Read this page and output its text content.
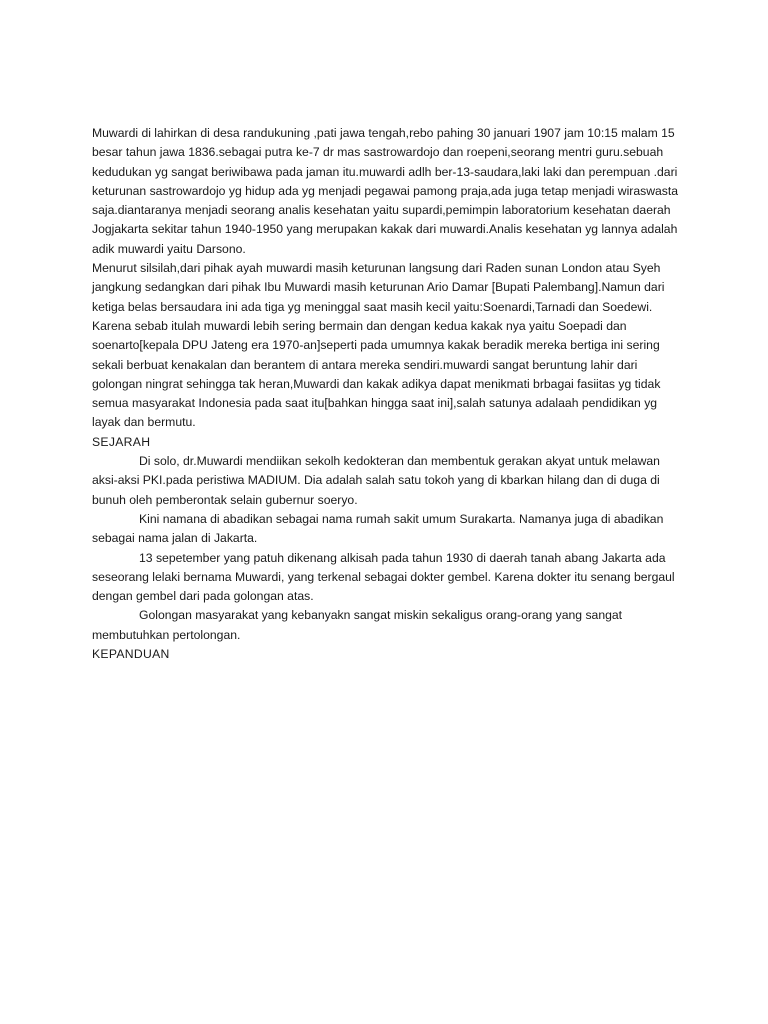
Muwardi di lahirkan di desa randukuning ,pati jawa tengah,rebo pahing 30 januari 1907 jam 10:15 malam 15 besar tahun jawa 1836.sebagai putra ke-7 dr mas sastrowardojo dan roepeni,seorang mentri guru.sebuah kedudukan yg sangat beriwibawa pada jaman itu.muwardi adlh ber-13-saudara,laki laki dan perempuan .dari keturunan sastrowardojo yg hidup ada yg menjadi pegawai pamong praja,ada juga tetap menjadi wiraswasta saja.diantaranya menjadi seorang analis kesehatan yaitu supardi,pemimpin laboratorium kesehatan daerah Jogjakarta sekitar tahun 1940-1950 yang merupakan kakak dari muwardi.Analis kesehatan yg lannya adalah adik muwardi yaitu Darsono.

Menurut silsilah,dari pihak ayah muwardi masih keturunan langsung dari Raden sunan London atau Syeh jangkung sedangkan dari pihak Ibu Muwardi masih keturunan Ario Damar [Bupati Palembang].Namun dari ketiga belas bersaudara ini ada tiga yg meninggal saat masih kecil yaitu:Soenardi,Tarnadi dan Soedewi. Karena sebab itulah muwardi lebih sering bermain dan dengan kedua kakak nya yaitu Soepadi dan soenarto[kepala DPU Jateng era 1970-an]seperti pada umumnya kakak beradik mereka bertiga ini sering sekali berbuat kenakalan dan berantem di antara mereka sendiri.muwardi sangat beruntung lahir dari golongan ningrat sehingga tak heran,Muwardi dan kakak adikya dapat menikmati brbagai fasiitas yg tidak semua masyarakat Indonesia pada saat itu[bahkan hingga saat ini],salah satunya adalaah pendidikan yg layak dan bermutu.

SEJARAH

Di solo, dr.Muwardi mendiikan sekolh kedokteran dan membentuk gerakan akyat untuk melawan aksi-aksi PKI.pada peristiwa MADIUM. Dia adalah salah satu tokoh yang di kbarkan hilang dan di duga di bunuh oleh pemberontak selain gubernur soeryo.

Kini namana di abadikan sebagai nama rumah sakit umum Surakarta. Namanya juga di abadikan sebagai nama jalan di Jakarta.

13 sepetember yang patuh dikenang alkisah pada tahun 1930 di daerah tanah abang Jakarta ada seseorang lelaki bernama Muwardi, yang terkenal sebagai dokter gembel. Karena dokter itu senang bergaul dengan gembel dari pada golongan atas.

Golongan masyarakat yang kebanyakn sangat miskin sekaligus orang-orang yang sangat membutuhkan pertolongan.

KEPANDUAN
